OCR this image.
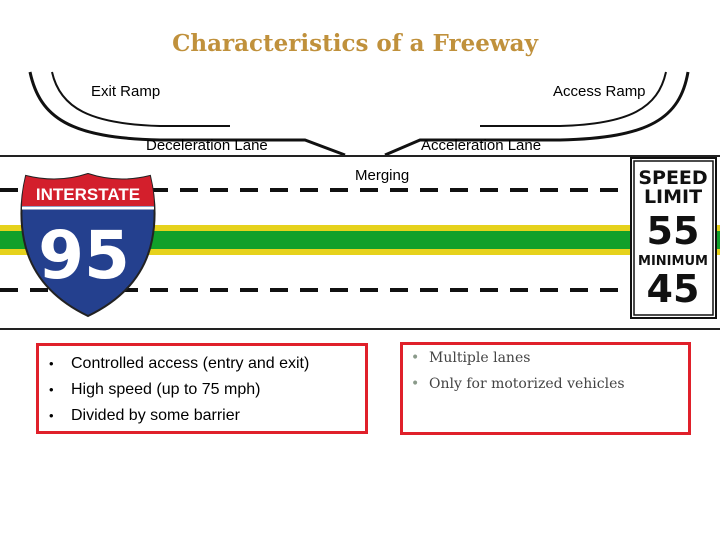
Characteristics of a Freeway
Exit Ramp	Access Ramp
Deceleration Lane	Acceleration Lane
Merging
INTERSTATE
95
SPEED
LIMIT
55
MINIMUM
45
• Controlled access (entry and exit)
• High speed (up to 75 mph)
• Divided by some barrier
• Multiple lanes
• Only for motorized vehicles
